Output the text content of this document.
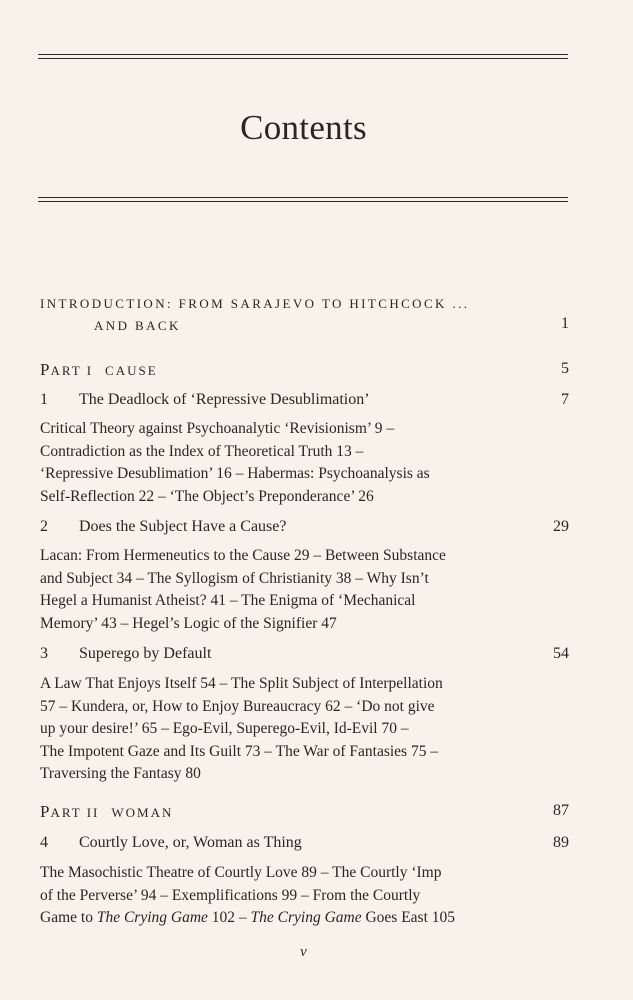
Contents
INTRODUCTION: FROM SARAJEVO TO HITCHCOCK ...
AND BACK	1
PART I CAUSE	5
1 The Deadlock of ‘Repressive Desublimation’	7
Critical Theory against Psychoanalytic ‘Revisionism’ 9 –
Contradiction as the Index of Theoretical Truth 13 –
‘Repressive Desublimation’ 16 – Habermas: Psychoanalysis as
Self-Reflection 22 – ‘The Object’s Preponderance’ 26
2 Does the Subject Have a Cause?	29
Lacan: From Hermeneutics to the Cause 29 – Between Substance
and Subject 34 – The Syllogism of Christianity 38 – Why Isn’t
Hegel a Humanist Atheist? 41 – The Enigma of ‘Mechanical
Memory’ 43 – Hegel’s Logic of the Signifier 47
3 Superego by Default	54
A Law That Enjoys Itself 54 – The Split Subject of Interpellation
57 – Kundera, or, How to Enjoy Bureaucracy 62 – ‘Do not give
up your desire!’ 65 – Ego-Evil, Superego-Evil, Id-Evil 70 –
The Impotent Gaze and Its Guilt 73 – The War of Fantasies 75 –
Traversing the Fantasy 80
PART II WOMAN	87
4 Courtly Love, or, Woman as Thing	89
The Masochistic Theatre of Courtly Love 89 – The Courtly ‘Imp
of the Perverse’ 94 – Exemplifications 99 – From the Courtly
Game to The Crying Game 102 – The Crying Game Goes East 105
v
